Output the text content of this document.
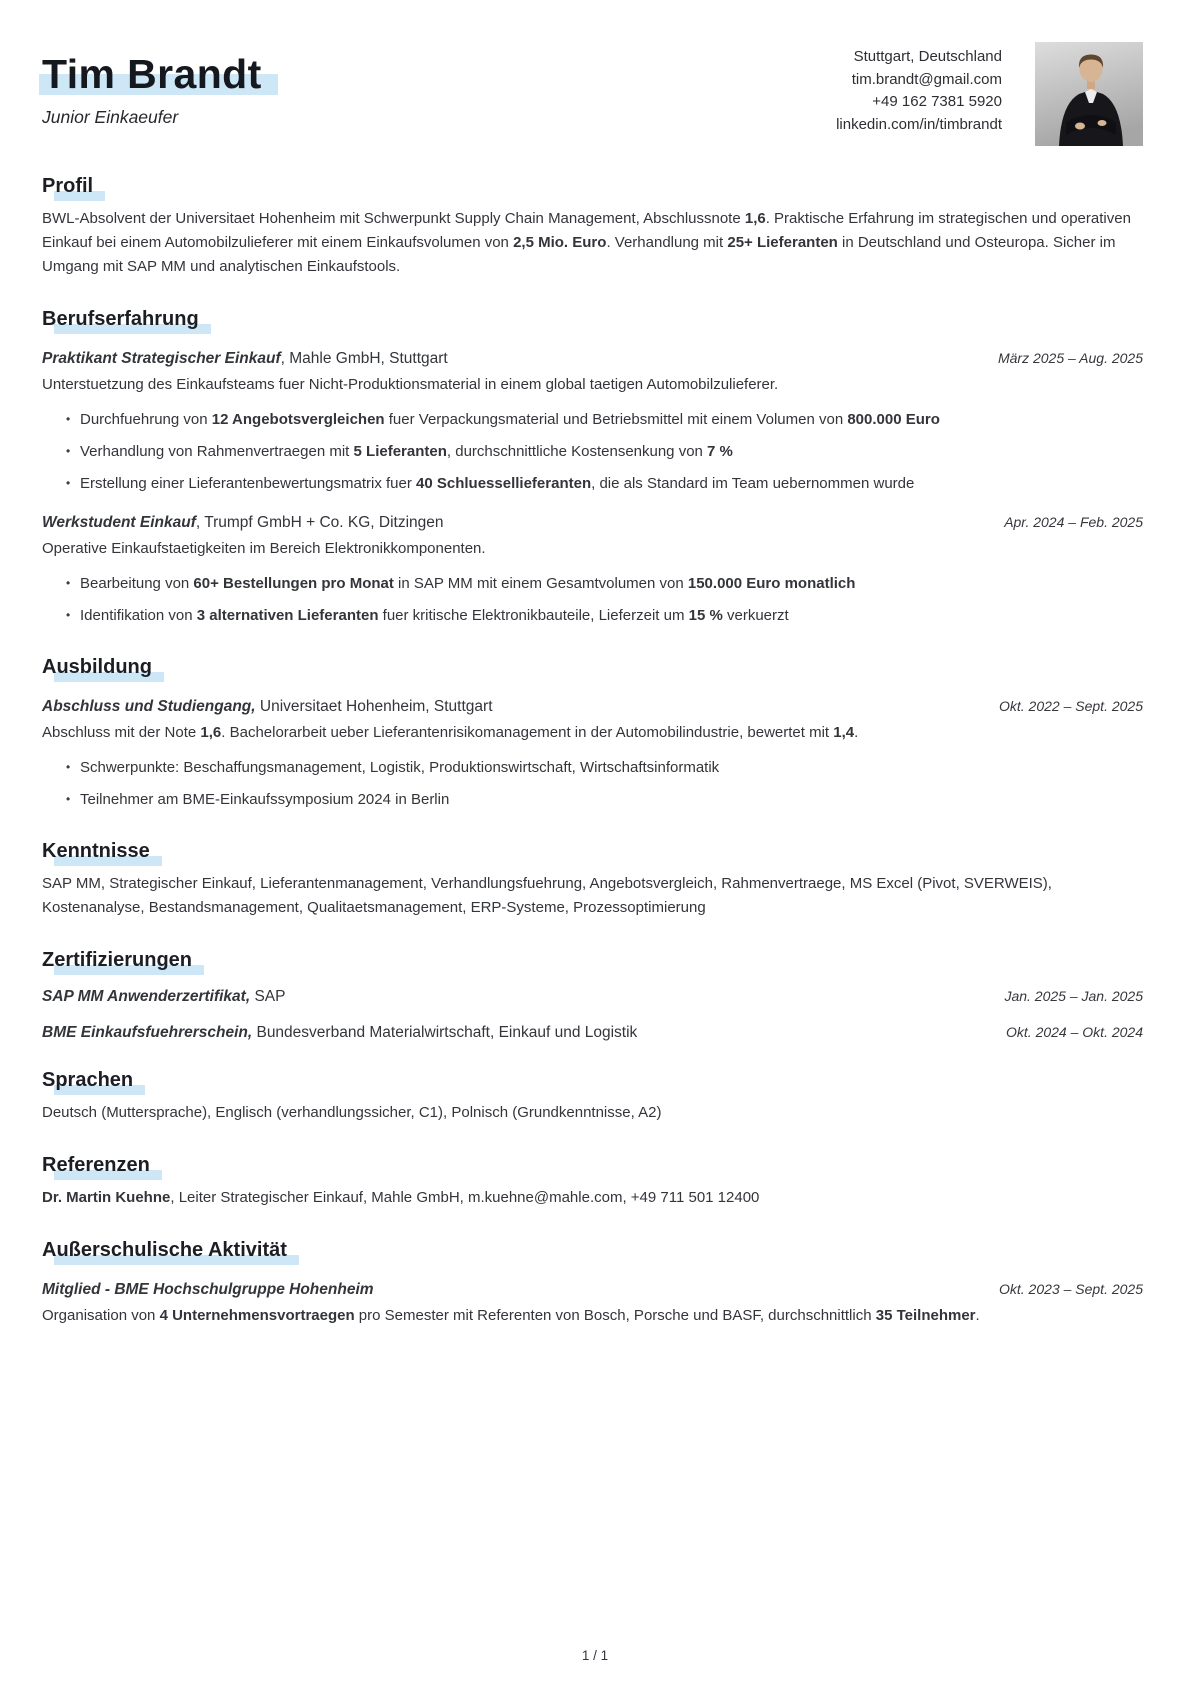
Tim Brandt
Junior Einkaeufer
Stuttgart, Deutschland
tim.brandt@gmail.com
+49 162 7381 5920
linkedin.com/in/timbrandt
Profil

BWL-Absolvent der Universitaet Hohenheim mit Schwerpunkt Supply Chain Management, Abschlussnote 1,6. Praktische Erfahrung im strategischen und operativen Einkauf bei einem Automobilzulieferer mit einem Einkaufsvolumen von 2,5 Mio. Euro. Verhandlung mit 25+ Lieferanten in Deutschland und Osteuropa. Sicher im Umgang mit SAP MM und analytischen Einkaufstools.

Berufserfahrung
Praktikant Strategischer Einkauf, Mahle GmbH, Stuttgart	März 2025 – Aug. 2025

Unterstuetzung des Einkaufsteams fuer Nicht-Produktionsmaterial in einem global taetigen Automobilzulieferer.

• Durchfuehrung von 12 Angebotsvergleichen fuer Verpackungsmaterial und Betriebsmittel mit einem Volumen von 800.000 Euro
• Verhandlung von Rahmenvertraegen mit 5 Lieferanten, durchschnittliche Kostensenkung von 7 %
• Erstellung einer Lieferantenbewertungsmatrix fuer 40 Schluessellieferanten, die als Standard im Team uebernommen wurde
Werkstudent Einkauf, Trumpf GmbH + Co. KG, Ditzingen	Apr. 2024 – Feb. 2025

Operative Einkaufstaetigkeiten im Bereich Elektronikkomponenten.

• Bearbeitung von 60+ Bestellungen pro Monat in SAP MM mit einem Gesamtvolumen von 150.000 Euro monatlich
• Identifikation von 3 alternativen Lieferanten fuer kritische Elektronikbauteile, Lieferzeit um 15 % verkuerzt
Ausbildung
Abschluss und Studiengang, Universitaet Hohenheim, Stuttgart	Okt. 2022 – Sept. 2025

Abschluss mit der Note 1,6. Bachelorarbeit ueber Lieferantenrisikomanagement in der Automobilindustrie, bewertet mit 1,4.

• Schwerpunkte: Beschaffungsmanagement, Logistik, Produktionswirtschaft, Wirtschaftsinformatik
• Teilnehmer am BME-Einkaufssymposium 2024 in Berlin
Kenntnisse

SAP MM, Strategischer Einkauf, Lieferantenmanagement, Verhandlungsfuehrung, Angebotsvergleich, Rahmenvertraege, MS Excel (Pivot, SVERWEIS), Kostenanalyse, Bestandsmanagement, Qualitaetsmanagement, ERP-Systeme, Prozessoptimierung

Zertifizierungen
SAP MM Anwenderzertifikat, SAP	Jan. 2025 – Jan. 2025
BME Einkaufsfuehrerschein, Bundesverband Materialwirtschaft, Einkauf und Logistik	Okt. 2024 – Okt. 2024
Sprachen

Deutsch (Muttersprache), Englisch (verhandlungssicher, C1), Polnisch (Grundkenntnisse, A2)

Referenzen

Dr. Martin Kuehne, Leiter Strategischer Einkauf, Mahle GmbH, m.kuehne@mahle.com, +49 711 501 12400

Außerschulische Aktivität
Mitglied - BME Hochschulgruppe Hohenheim	Okt. 2023 – Sept. 2025

Organisation von 4 Unternehmensvortraegen pro Semester mit Referenten von Bosch, Porsche und BASF, durchschnittlich 35 Teilnehmer.

1 / 1
